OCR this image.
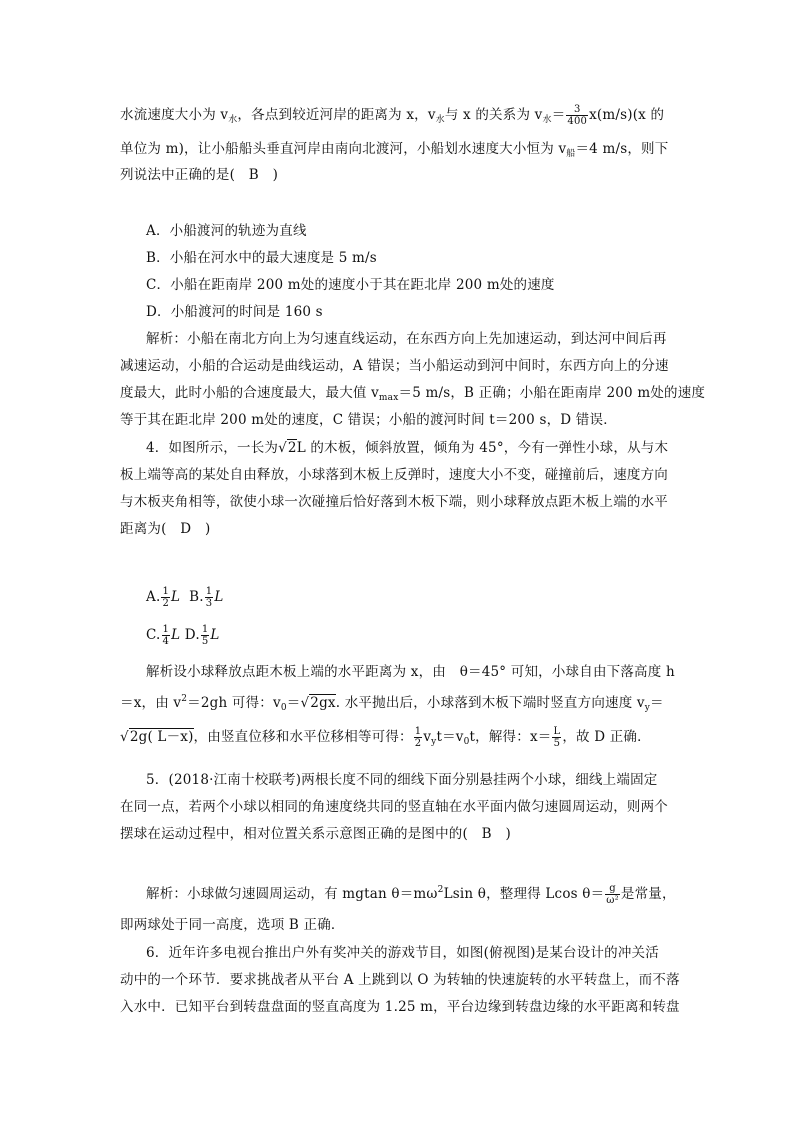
水流速度大小为 $v_水$，各点到较近河岸的距离为 x，$v_水$与 x 的关系为 $v_水= \frac{3}{400} x(m/s)(x$ 的
单位为 m)，让小船船头垂直河岸由南向北渡河，小船划水速度大小恒为 $v_船=4$ m/s，则下
列说法中正确的是(　B　)
A．小船渡河的轨迹为直线
B．小船在河水中的最大速度是 5 m/s
C．小船在距南岸 200 m处的速度小于其在距北岸 200 m处的速度
D．小船渡河的时间是 160 s
解析：小船在南北方向上为匀速直线运动，在东西方向上先加速运动，到达河中间后再
减速运动，小船的合运动是曲线运动，A 错误；当小船运动到河中间时，东西方向上的分速
度最大，此时小船的合速度最大，最大值 $v_{max}=5$ m/s，B 正确；小船在距南岸 200 m处的速度
等于其在距北岸 200 m处的速度，C 错误；小船的渡河时间 t＝200 s，D 错误．
4．如图所示，一长为√2L 的木板，倾斜放置，倾角为 45°，今有一弹性小球，从与木
板上端等高的某处自由释放，小球落到木板上反弹时，速度大小不变，碰撞前后，速度方向
与木板夹角相等，欲使小球一次碰撞后恰好落到木板下端，则小球释放点距木板上端的水平
距离为(　D　)
A. $\frac{1}{2}$ L B. $\frac{1}{3}$ L
C. $\frac{1}{4}$ L D. $\frac{1}{5}$ L
解析设小球释放点距木板上端的水平距离为 x，由　θ＝45° 可知，小球自由下落高度 h
＝x，由 $v^2=2gh$ 可得：$v_0=√2gx$. 水平抛出后，小球落到木板下端时竖直方向速度 $v_y=$
√2g( L－x)，由竖直位移和水平位移相等可得： $\frac{1}{2} v_yt=v_0t$，解得：$x= \frac{L}{5}$ ，故 D 正确．
5．(2018·江南十校联考)两根长度不同的细线下面分别悬挂两个小球，细线上端固定
在同一点，若两个小球以相同的角速度绕共同的竖直轴在水平面内做匀速圆周运动，则两个
摆球在运动过程中，相对位置关系示意图正确的是图中的(　B　)
解析：小球做匀速圆周运动，有 mgtan $\theta=m\omega^2Lsin$ θ，整理得 Lcos $\theta= \frac{g}{\text{ω²}}$ 是常量，
即两球处于同一高度，选项 B 正确．
6．近年许多电视台推出户外有奖冲关的游戏节目，如图(俯视图)是某台设计的冲关活
动中的一个环节．要求挑战者从平台 A 上跳到以 O 为转轴的快速旋转的水平转盘上，而不落
入水中．已知平台到转盘盘面的竖直高度为 1.25 m，平台边缘到转盘边缘的水平距离和转盘
